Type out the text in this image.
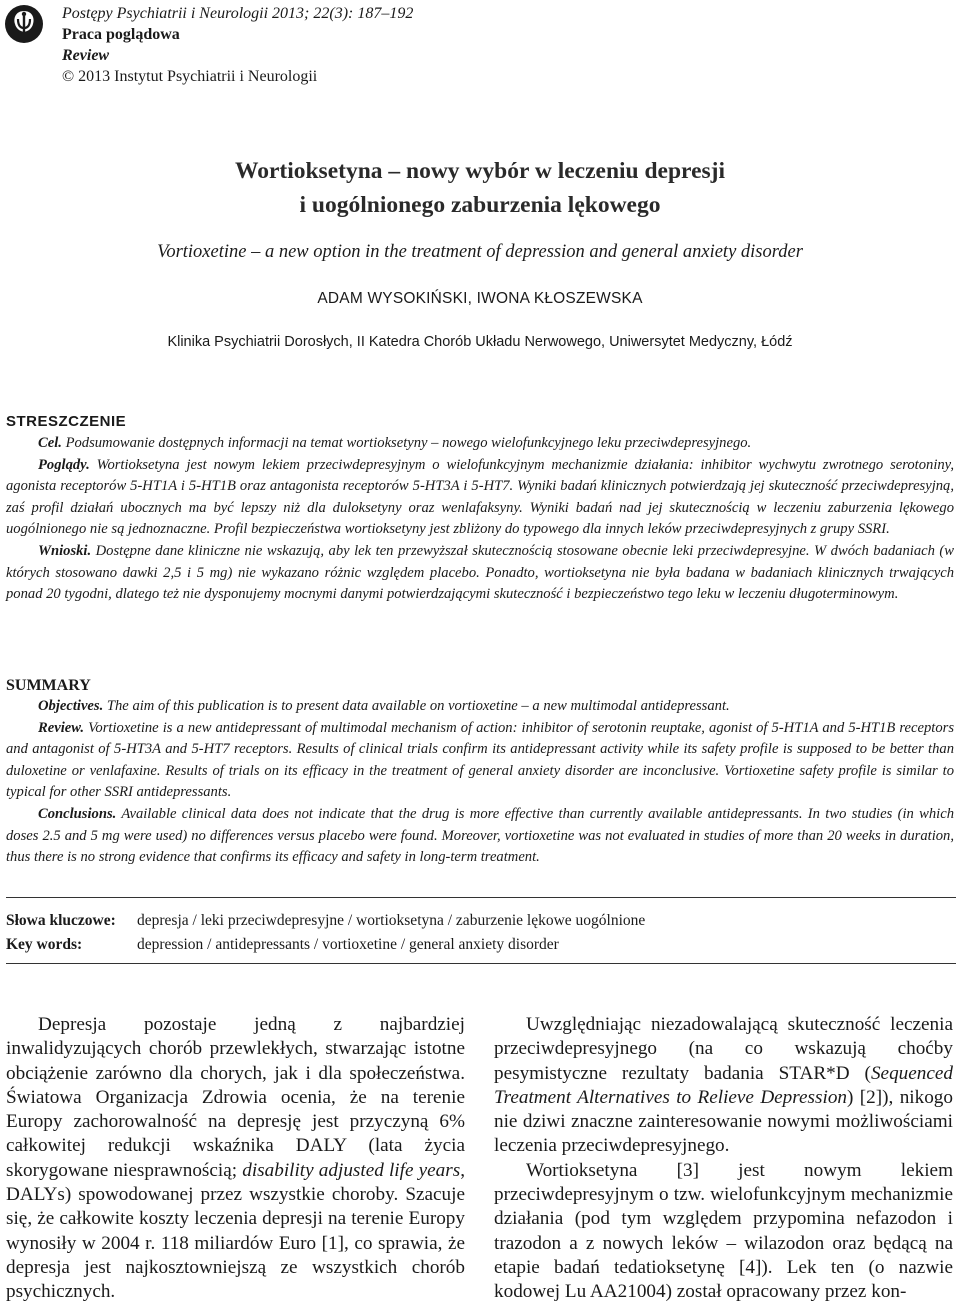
Postępy Psychiatrii i Neurologii 2013; 22(3): 187–192
Praca poglądowa
Review
© 2013 Instytut Psychiatrii i Neurologii
Wortioksetyna – nowy wybór w leczeniu depresji
i uogólnionego zaburzenia lękowego
Vortioxetine – a new option in the treatment of depression and general anxiety disorder
ADAM WYSOKIŃSKI, IWONA KŁOSZEWSKA
Klinika Psychiatrii Dorosłych, II Katedra Chorób Układu Nerwowego, Uniwersytet Medyczny, Łódź
STRESZCZENIE

Cel. Podsumowanie dostępnych informacji na temat wortioksetyny – nowego wielofunkcyjnego leku przeciwdepresyjnego.

Poglądy. Wortioksetyna jest nowym lekiem przeciwdepresyjnym o wielofunkcyjnym mechanizmie działania: inhibitor wychwytu zwrotnego serotoniny, agonista receptorów 5-HT1A i 5-HT1B oraz antagonista receptorów 5-HT3A i 5-HT7. Wyniki badań klinicznych potwierdzają jej skuteczność przeciwdepresyjną, zaś profil działań ubocznych ma być lepszy niż dla duloksetyny oraz wenlafaksyny. Wyniki badań nad jej skutecznością w leczeniu zaburzenia lękowego uogólnionego nie są jednoznaczne. Profil bezpieczeństwa wortioksetyny jest zbliżony do typowego dla innych leków przeciwdepresyjnych z grupy SSRI.

Wnioski. Dostępne dane kliniczne nie wskazują, aby lek ten przewyższał skutecznością stosowane obecnie leki przeciwdepresyjne. W dwóch badaniach (w których stosowano dawki 2,5 i 5 mg) nie wykazano różnic względem placebo. Ponadto, wortioksetyna nie była badana w badaniach klinicznych trwających ponad 20 tygodni, dlatego też nie dysponujemy mocnymi danymi potwierdzającymi skuteczność i bezpieczeństwo tego leku w leczeniu długoterminowym.

SUMMARY

Objectives. The aim of this publication is to present data available on vortioxetine – a new multimodal antidepressant.

Review. Vortioxetine is a new antidepressant of multimodal mechanism of action: inhibitor of serotonin reuptake, agonist of 5-HT1A and 5-HT1B receptors and antagonist of 5-HT3A and 5-HT7 receptors. Results of clinical trials confirm its antidepressant activity while its safety profile is supposed to be better than duloxetine or venlafaxine. Results of trials on its efficacy in the treatment of general anxiety disorder are inconclusive. Vortioxetine safety profile is similar to typical for other SSRI antidepressants.

Conclusions. Available clinical data does not indicate that the drug is more effective than currently available antidepressants. In two studies (in which doses 2.5 and 5 mg were used) no differences versus placebo were found. Moreover, vortioxetine was not evaluated in studies of more than 20 weeks in duration, thus there is no strong evidence that confirms its efficacy and safety in long-term treatment.

Słowa kluczowe: depresja / leki przeciwdepresyjne / wortioksetyna / zaburzenie lękowe uogólnione
Key words:	depression / antidepressants / vortioxetine / general anxiety disorder

Depresja pozostaje jedną z najbardziej inwalidyzujących chorób przewlekłych, stwarzając istotne obciążenie zarówno dla chorych, jak i dla społeczeństwa. Światowa Organizacja Zdrowia ocenia, że na terenie Europy zachorowalność na depresję jest przyczyną 6% całkowitej redukcji wskaźnika DALY (lata życia skorygowane niesprawnością; disability adjusted life years, DALYs) spowodowanej przez wszystkie choroby. Szacuje się, że całkowite koszty leczenia depresji na terenie Europy wynosiły w 2004 r. 118 miliardów Euro [1], co sprawia, że depresja jest najkosztowniejszą ze wszystkich chorób psychicznych.

Uwzględniając niezadowalającą skuteczność leczenia przeciwdepresyjnego (na co wskazują choćby pesymistyczne rezultaty badania STAR*D (Sequenced Treatment Alternatives to Relieve Depression) [2]), nikogo nie dziwi znaczne zainteresowanie nowymi możliwościami leczenia przeciwdepresyjnego.

Wortioksetyna [3] jest nowym lekiem przeciwdepresyjnym o tzw. wielofunkcyjnym mechanizmie działania (pod tym względem przypomina nefazodon i trazodon a z nowych leków – wilazodon oraz będącą na etapie badań tedatioksetynę [4]). Lek ten (o nazwie kodowej Lu AA21004) został opracowany przez kon-
